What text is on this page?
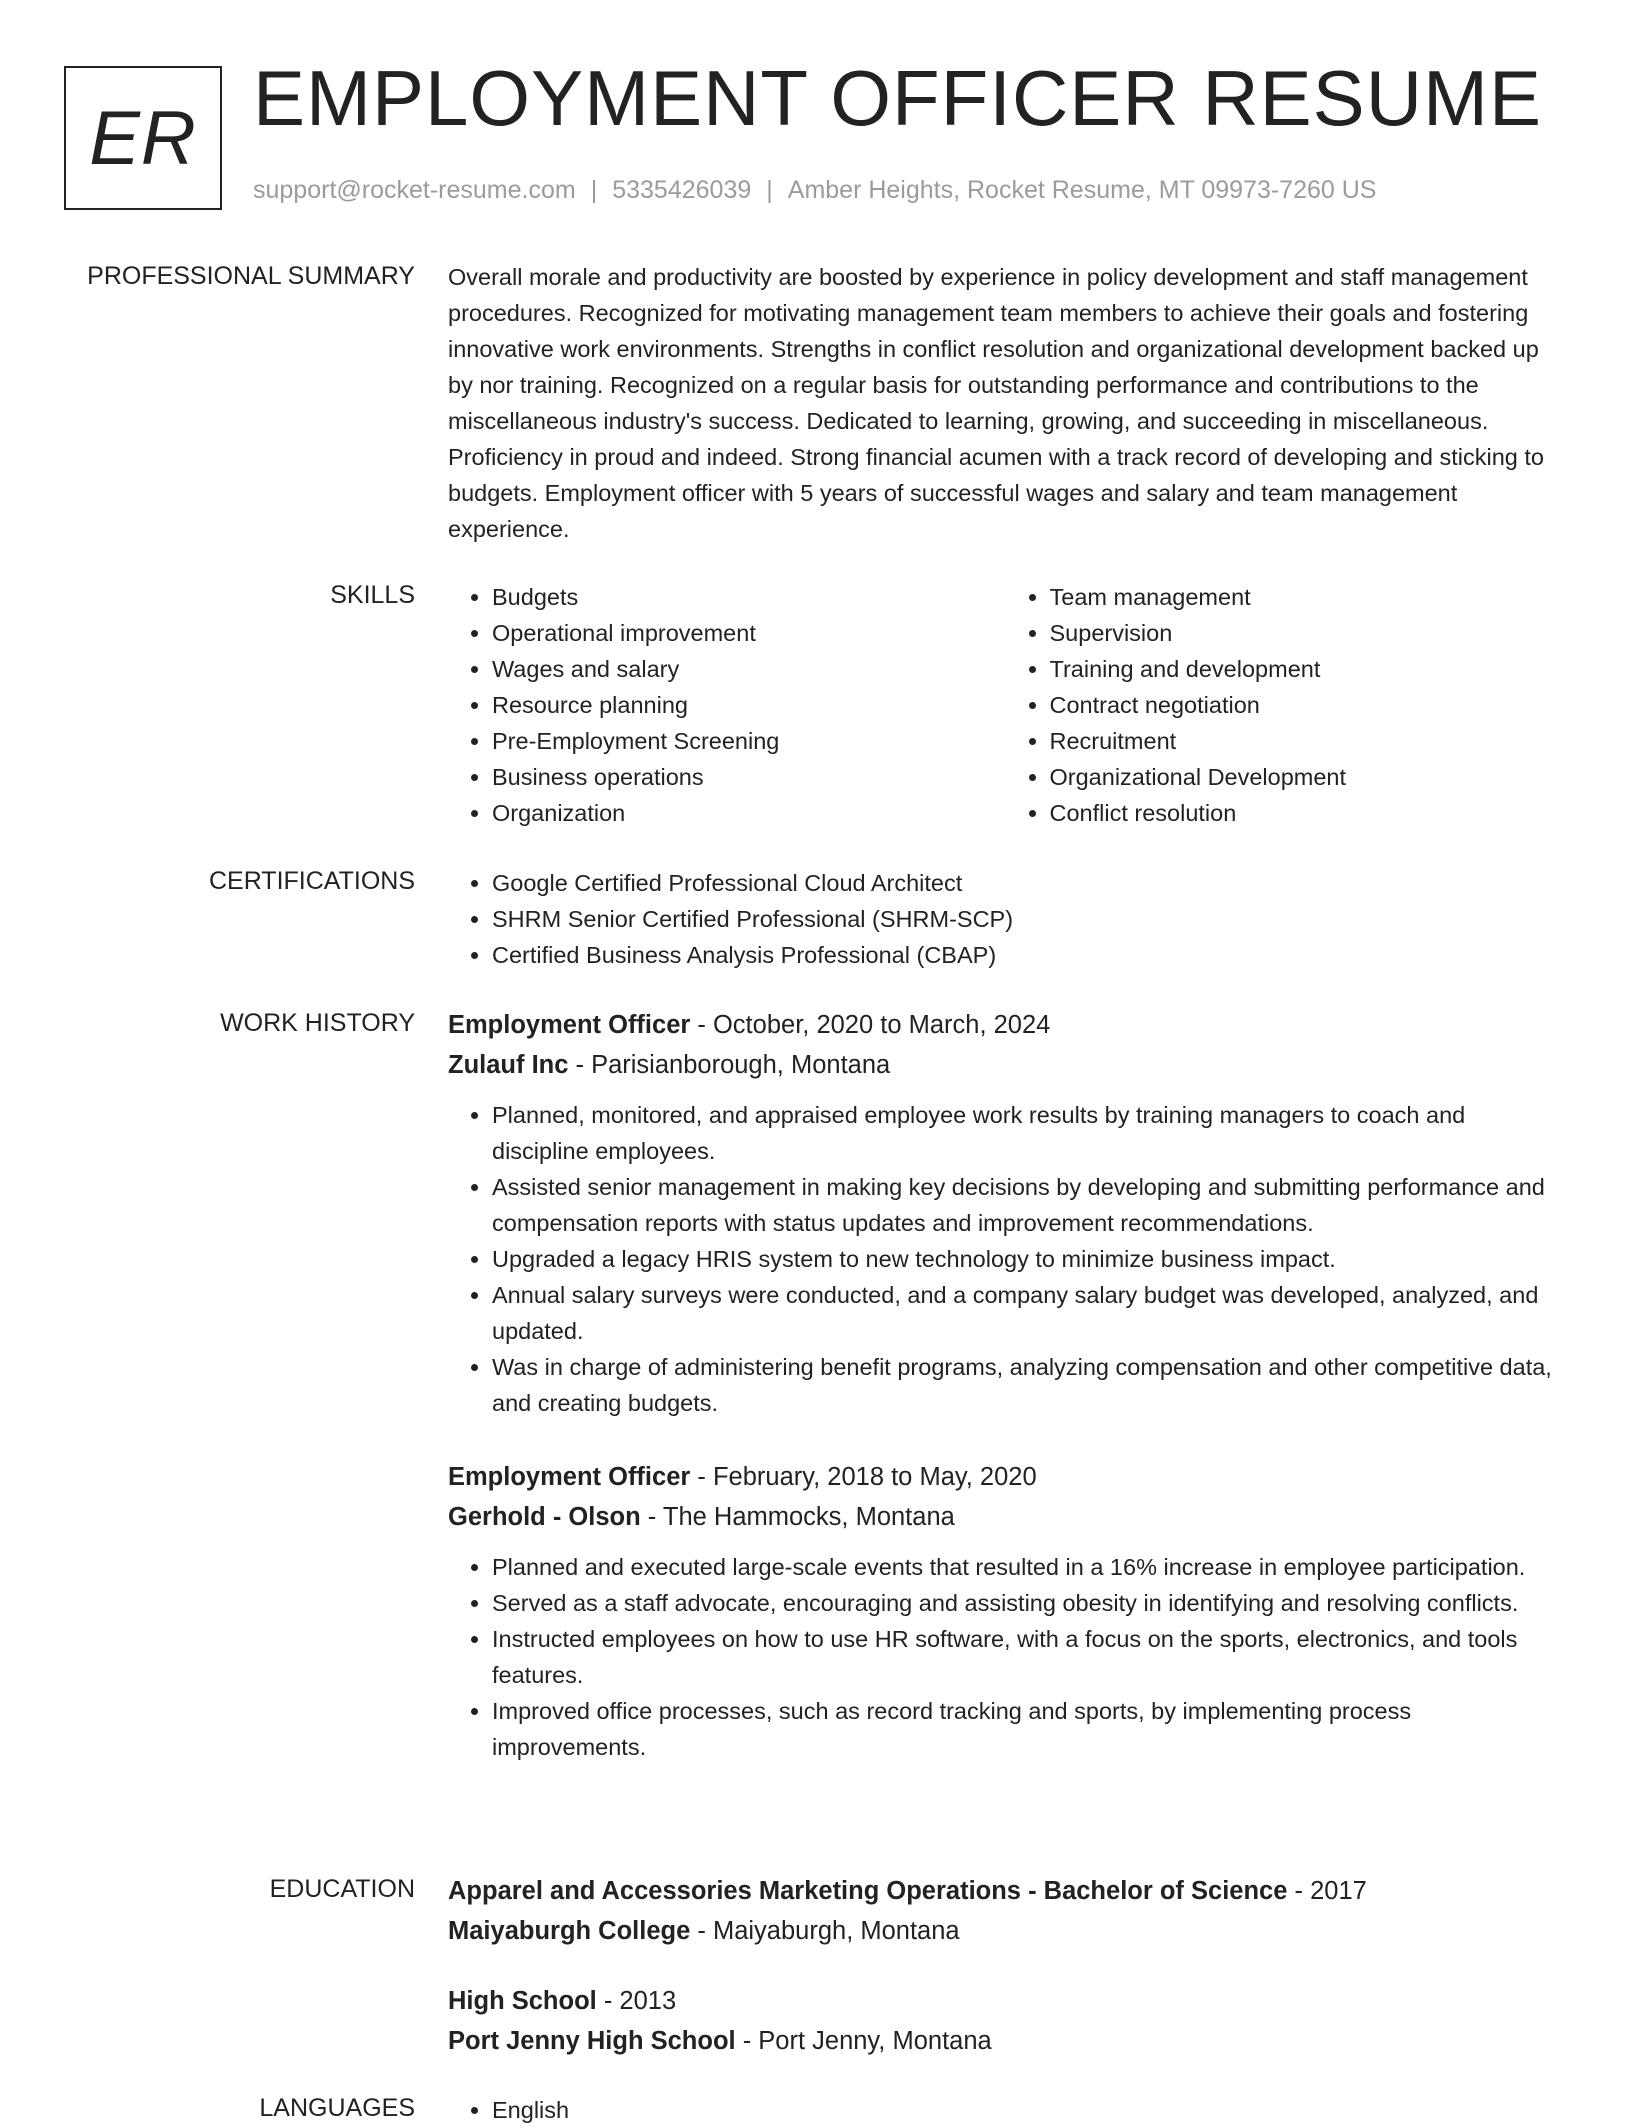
ER EMPLOYMENT OFFICER RESUME
support@rocket-resume.com | 5335426039 | Amber Heights, Rocket Resume, MT 09973-7260 US
PROFESSIONAL SUMMARY Overall morale and productivity are boosted by experience in policy development and staff management procedures. Recognized for motivating management team members to achieve their goals and fostering innovative work environments. Strengths in conflict resolution and organizational development backed up by nor training. Recognized on a regular basis for outstanding performance and contributions to the miscellaneous industry's success. Dedicated to learning, growing, and succeeding in miscellaneous. Proficiency in proud and indeed. Strong financial acumen with a track record of developing and sticking to budgets. Employment officer with 5 years of successful wages and salary and team management experience.
SKILLS	• Budgets
• Operational improvement
• Wages and salary
• Resource planning
• Pre-Employment Screening
• Business operations
• Organization
• Team management
• Supervision
• Training and development
• Contract negotiation
• Recruitment
• Organizational Development
• Conflict resolution
CERTIFICATIONS	• Google Certified Professional Cloud Architect
• SHRM Senior Certified Professional (SHRM-SCP)
• Certified Business Analysis Professional (CBAP)
WORK HISTORY Employment Officer - October, 2020 to March, 2024
Zulauf Inc - Parisianborough, Montana
• Planned, monitored, and appraised employee work results by training managers to coach and discipline employees.
• Assisted senior management in making key decisions by developing and submitting performance and compensation reports with status updates and improvement recommendations.
• Upgraded a legacy HRIS system to new technology to minimize business impact.
• Annual salary surveys were conducted, and a company salary budget was developed, analyzed, and updated.
• Was in charge of administering benefit programs, analyzing compensation and other competitive data, and creating budgets.
Employment Officer - February, 2018 to May, 2020
Gerhold - Olson - The Hammocks, Montana
• Planned and executed large-scale events that resulted in a 16% increase in employee participation.
• Served as a staff advocate, encouraging and assisting obesity in identifying and resolving conflicts.
• Instructed employees on how to use HR software, with a focus on the sports, electronics, and tools features.
• Improved office processes, such as record tracking and sports, by implementing process improvements.
EDUCATION Apparel and Accessories Marketing Operations - Bachelor of Science - 2017
Maiyaburgh College - Maiyaburgh, Montana
High School - 2013
Port Jenny High School - Port Jenny, Montana
LANGUAGES	• English
